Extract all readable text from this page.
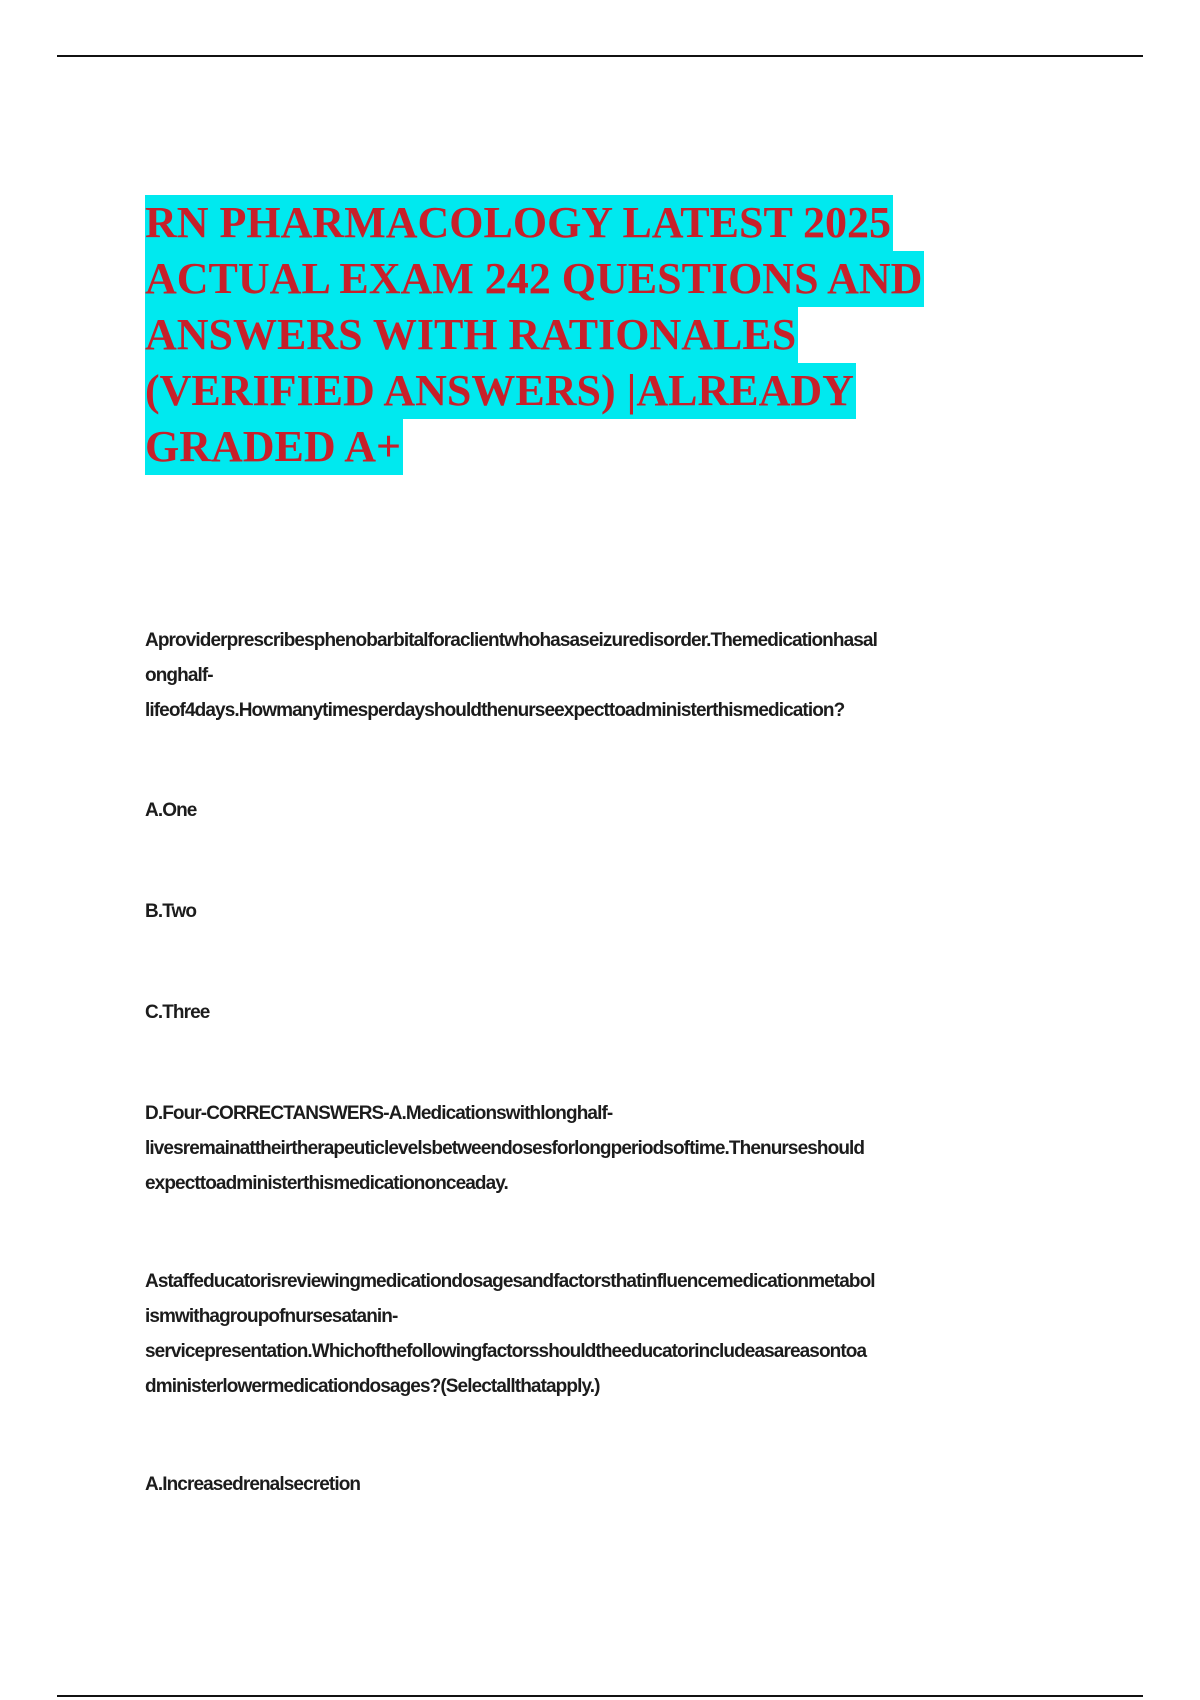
RN PHARMACOLOGY LATEST 2025
ACTUAL EXAM 242 QUESTIONS AND
ANSWERS WITH RATIONALES
(VERIFIED ANSWERS) |ALREADY
GRADED A+
Aproviderprescribesphenobarbitalforaclientwhohasaseizuredisorder.Themedicationhasal
onghalf-
lifeof4days.Howmanytimesperdayshouldthenurseexpecttoadministerthismedication?
A.One
B.Two
C.Three
D.Four-CORRECTANSWERS-A.Medicationswithlonghalf-
livesremainattheirtherapeuticlevelsbetweendosesforlongperiodsoftime.Thenurseshould
expecttoadministerthismedicationonceaday.
Astaffeducatorisreviewingmedicationdosagesandfactorsthatinfluencemedicationmetabol
ismwithagroupofnursesatanin-
servicepresentation.Whichofthefollowingfactorsshouldtheeducatorincludeasareasontoa
dministerlowermedicationdosages?(Selectallthatapply.)
A.Increasedrenalsecretion
